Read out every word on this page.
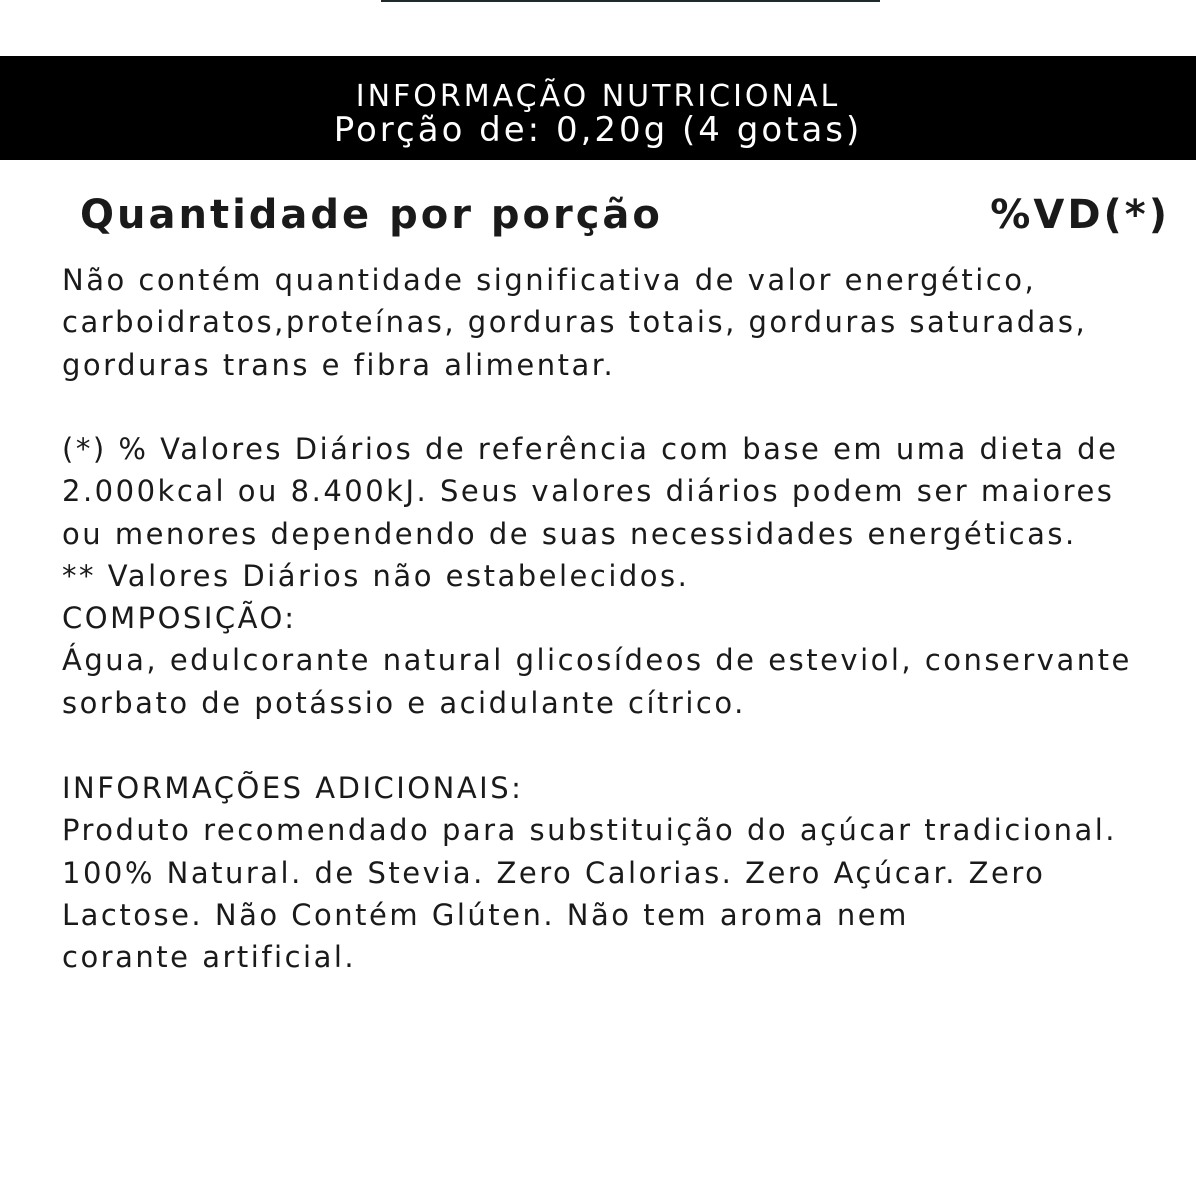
INFORMAÇÃO NUTRICIONAL
Porção de: 0,20g (4 gotas)
Quantidade por porção	%VD(*)
Não contém quantidade significativa de valor energético,
carboidratos,proteínas, gorduras totais, gorduras saturadas,
gorduras trans e fibra alimentar.
(*) % Valores Diários de referência com base em uma dieta de
2.000kcal ou 8.400kJ. Seus valores diários podem ser maiores
ou menores dependendo de suas necessidades energéticas.
** Valores Diários não estabelecidos.
COMPOSIÇÃO:
Água, edulcorante natural glicosídeos de esteviol, conservante
sorbato de potássio e acidulante cítrico.
INFORMAÇÕES ADICIONAIS:
Produto recomendado para substituição do açúcar tradicional.
100% Natural. de Stevia. Zero Calorias. Zero Açúcar. Zero
Lactose. Não Contém Glúten. Não tem aroma nem
corante artificial.
